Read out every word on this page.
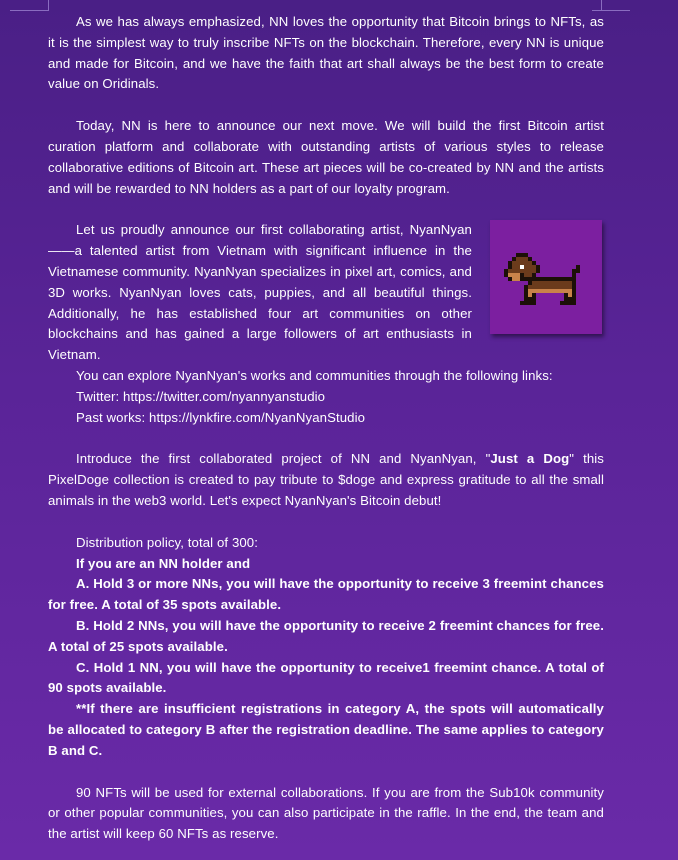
As we has always emphasized, NN loves the opportunity that Bitcoin brings to NFTs, as it is the simplest way to truly inscribe NFTs on the blockchain. Therefore, every NN is unique and made for Bitcoin, and we have the faith that art shall always be the best form to create value on Oridinals.

Today, NN is here to announce our next move. We will build the first Bitcoin artist curation platform and collaborate with outstanding artists of various styles to release collaborative editions of Bitcoin art. These art pieces will be co-created by NN and the artists and will be rewarded to NN holders as a part of our loyalty program.

Let us proudly announce our first collaborating artist, NyanNyan——a talented artist from Vietnam with significant influence in the Vietnamese community. NyanNyan specializes in pixel art, comics, and 3D works. NyanNyan loves cats, puppies, and all beautiful things. Additionally, he has established four art communities on other blockchains and has gained a large followers of art enthusiasts in Vietnam.

You can explore NyanNyan's works and communities through the following links:

Twitter: https://twitter.com/nyannyanstudio

Past works: https://lynkfire.com/NyanNyanStudio

Introduce the first collaborated project of NN and NyanNyan, "Just a Dog" this PixelDoge collection is created to pay tribute to $doge and express gratitude to all the small animals in the web3 world. Let's expect NyanNyan's Bitcoin debut!

Distribution policy, total of 300:

If you are an NN holder and

A. Hold 3 or more NNs, you will have the opportunity to receive 3 freemint chances for free. A total of 35 spots available.

B. Hold 2 NNs, you will have the opportunity to receive 2 freemint chances for free. A total of 25 spots available.

C. Hold 1 NN, you will have the opportunity to receive1 freemint chance. A total of 90 spots available.

**If there are insufficient registrations in category A, the spots will automatically be allocated to category B after the registration deadline. The same applies to category B and C.

90 NFTs will be used for external collaborations. If you are from the Sub10k community or other popular communities, you can also participate in the raffle. In the end, the team and the artist will keep 60 NFTs as reserve.
